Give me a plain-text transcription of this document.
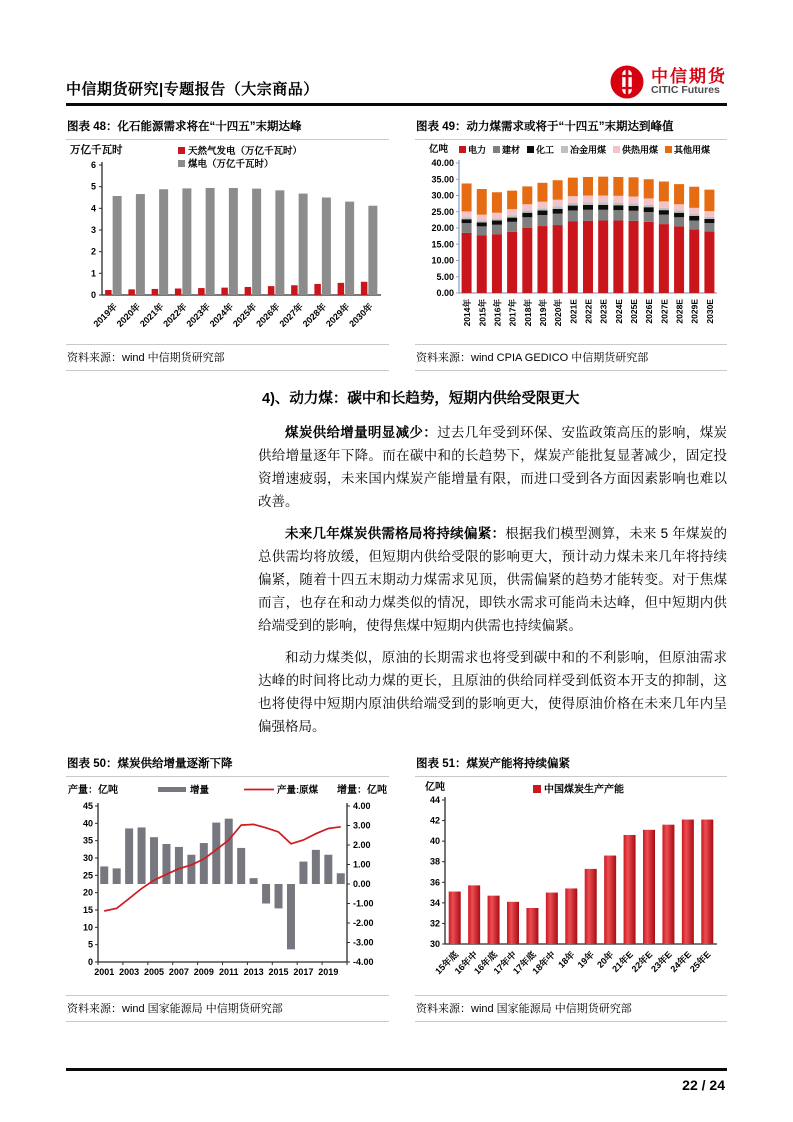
中信期货研究|专题报告（大宗商品）
中信期货
CITIC Futures
图表 48：化石能源需求将在“十四五”末期达峰
0
1
2
3
4
5
6
万亿千瓦时
2019年
2020年
2021年
2022年
2023年
2024年
2025年
2026年
2027年
2028年
2029年
2030年
天然气发电（万亿千瓦时）
煤电（万亿千瓦时）
资料来源：wind 中信期货研究部
图表 49：动力煤需求或将于“十四五”末期达到峰值
0.00
5.00
10.00
15.00
20.00
25.00
30.00
35.00
40.00
亿吨
2014年 2015年 2016年 2017年 2018年 2019年 2020年 2021E 2022E 2023E 2024E 2025E 2026E 2027E 2028E 2029E 2030E
电力 建材 化工 冶金用煤 供热用煤 其他用煤
资料来源：wind CPIA GEDICO 中信期货研究部
4)、动力煤：碳中和长趋势，短期内供给受限更大

煤炭供给增量明显减少：过去几年受到环保、安监政策高压的影响，煤炭供给增量逐年下降。而在碳中和的长趋势下，煤炭产能批复显著减少，固定投资增速疲弱，未来国内煤炭产能增量有限，而进口受到各方面因素影响也难以改善。

未来几年煤炭供需格局将持续偏紧：根据我们模型测算，未来 5 年煤炭的总供需均将放缓，但短期内供给受限的影响更大，预计动力煤未来几年将持续偏紧，随着十四五末期动力煤需求见顶，供需偏紧的趋势才能转变。对于焦煤而言，也存在和动力煤类似的情况，即铁水需求可能尚未达峰，但中短期内供给端受到的影响，使得焦煤中短期内供需也持续偏紧。

和动力煤类似，原油的长期需求也将受到碳中和的不利影响，但原油需求达峰的时间将比动力煤的更长，且原油的供给同样受到低资本开支的抑制，这也将使得中短期内原油供给端受到的影响更大，使得原油价格在未来几年内呈偏强格局。

图表 50：煤炭供给增量逐渐下降
0
5
10
15
20
25
30
35
40
45
-4.00
-3.00
-2.00
-1.00
0.00
1.00
2.00
3.00
4.00
2001 2003 2005 2007 2009 2011 2013 2015 2017 2019
产量：亿吨	增量	产量:原煤 增量：亿吨
资料来源：wind 国家能源局 中信期货研究部
图表 51：煤炭产能将持续偏紧
30
32
34
36
38
40
42
44
亿吨
15年底
16年中
16年底
17年中
17年底
18年中
18年
19年
20年
21年E
22年E
23年E
24年E
25年E
中国煤炭生产产能
资料来源：wind 国家能源局 中信期货研究部
22 / 24
